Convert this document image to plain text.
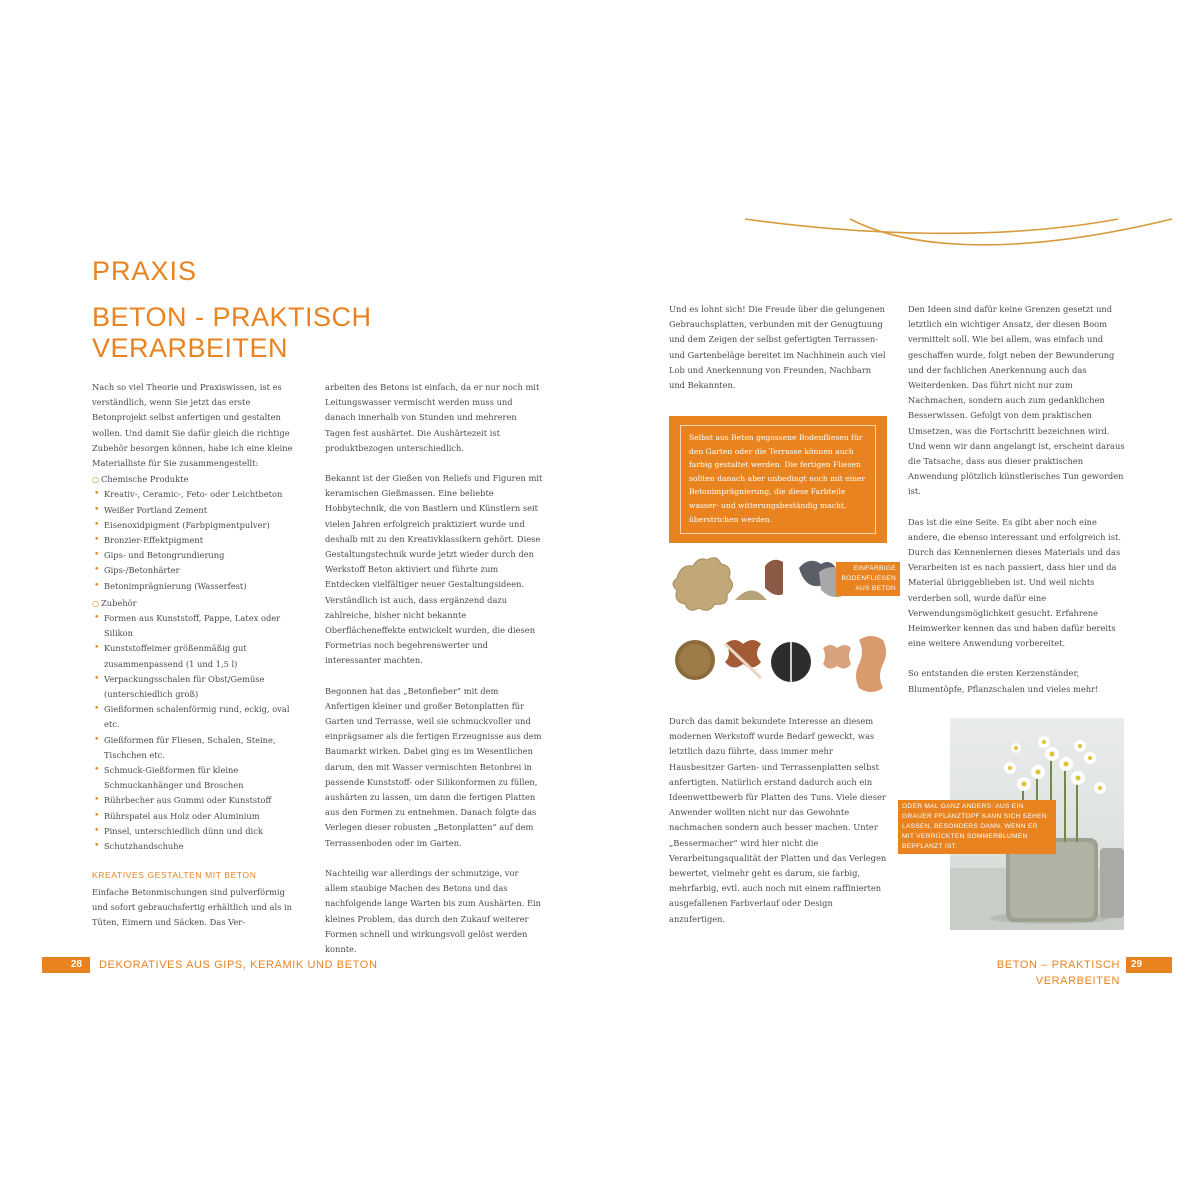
PRAXIS
BETON - PRAKTISCH
VERARBEITEN

Nach so viel Theorie und Praxiswissen, ist es verständlich, wenn Sie jetzt das erste Betonprojekt selbst anfertigen und gestalten wollen. Und damit Sie dafür gleich die richtige Zubehör besorgen können, habe ich eine kleine Materialliste für Sie zusammengestellt:

○ Chemische Produkte
• Kreativ-, Ceramic-, Feto- oder Leichtbeton
• Weißer Portland Zement
• Eisenoxidpigment (Farbpigmentpulver)
• Bronzier-Effektpigment
• Gips- und Betongrundierung
• Gips-/Betonhärter
• Betonimprägnierung (Wasserfest)
○ Zubehör
• Formen aus Kunststoff, Pappe, Latex oder Silikon
• Kunststoffeimer größenmäßig gut zusammenpassend (1 und 1,5 l)
• Verpackungsschalen für Obst/Gemüse (unterschiedlich groß)
• Gießformen schalenförmig rund, eckig, oval etc.
• Gießformen für Fliesen, Schalen, Steine, Tischchen etc.
• Schmuck-Gießformen für kleine Schmuckanhänger und Broschen
• Rührbecher aus Gummi oder Kunststoff
• Rührspatel aus Holz oder Aluminium
• Pinsel, unterschiedlich dünn und dick
• Schutzhandschuhe
KREATIVES GESTALTEN MIT BETON

Einfache Betonmischungen sind pulverförmig und sofort gebrauchsfertig erhältlich und als in Tüten, Eimern und Säcken. Das Ver-

arbeiten des Betons ist einfach, da er nur noch mit Leitungswasser vermischt werden muss und danach innerhalb von Stunden und mehreren Tagen fest aushärtet. Die Aushärtezeit ist produktbezogen unterschiedlich.

Bekannt ist der Gießen von Reliefs und Figuren mit keramischen Gießmassen. Eine beliebte Hobbytechnik, die von Bastlern und Künstlern seit vielen Jahren erfolgreich praktiziert wurde und deshalb mit zu den Kreativklassikern gehört. Diese Gestaltungstechnik wurde jetzt wieder durch den Werkstoff Beton aktiviert und führte zum Entdecken vielfältiger neuer Gestaltungsideen. Verständlich ist auch, dass ergänzend dazu zahlreiche, bisher nicht bekannte Oberflächeneffekte entwickelt wurden, die diesen Formetrias noch begehrenswerter und interessanter machten.

Begonnen hat das „Betonfieber“ mit dem Anfertigen kleiner und großer Betonplatten für Garten und Terrasse, weil sie schmuckvoller und einprägsamer als die fertigen Erzeugnisse aus dem Baumarkt wirken. Dabei ging es im Wesentlichen darum, den mit Wasser vermischten Betonbrei in passende Kunststoff- oder Silikonformen zu füllen, aushärten zu lassen, um dann die fertigen Platten aus den Formen zu entnehmen. Danach folgte das Verlegen dieser robusten „Betonplatten“ auf dem Terrassenboden oder im Garten.

Nachteilig war allerdings der schmutzige, vor allem staubige Machen des Betons und das nachfolgende lange Warten bis zum Aushärten. Ein kleines Problem, das durch den Zukauf weiterer Formen schnell und wirkungsvoll gelöst werden konnte.

28	DEKORATIVES AUS GIPS, KERAMIK UND BETON

Und es lohnt sich! Die Freude über die gelungenen Gebrauchsplatten, verbunden mit der Genugtuung und dem Zeigen der selbst gefertigten Terrassen- und Gartenbeläge bereitet im Nachhinein auch viel Lob und Anerkennung von Freunden, Nachbarn und Bekannten.

Selbst aus Beton gegossene Bodenfliesen für den Garten oder die Terrasse können auch farbig gestaltet werden. Die fertigen Fliesen sollten danach aber unbedingt noch mit einer Betonimprägnierung, die diese Farbteile wasser- und witterungsbeständig macht, überstrichen werden.
EINFARBIGE BODENFLIESEN AUS BETON

Durch das damit bekundete Interesse an diesem modernen Werkstoff wurde Bedarf geweckt, was letztlich dazu führte, dass immer mehr Hausbesitzer Garten- und Terrassenplatten selbst anfertigten. Natürlich erstand dadurch auch ein Ideenwettbewerb für Platten des Tuns. Viele dieser Anwender wollten nicht nur das Gewohnte nachmachen sondern auch besser machen. Unter „Bessermacher“ wird hier nicht die Verarbeitungsqualität der Platten und das Verlegen bewertet, vielmehr geht es darum, sie farbig, mehrfarbig, evtl. auch noch mit einem raffinierten ausgefallenen Farbverlauf oder Design anzufertigen.

Den Ideen sind dafür keine Grenzen gesetzt und letztlich ein wichtiger Ansatz, der diesen Boom vermittelt soll. Wie bei allem, was einfach und geschaffen wurde, folgt neben der Bewunderung und der fachlichen Anerkennung auch das Weiterdenken. Das führt nicht nur zum Nachmachen, sondern auch zum gedanklichen Besserwissen. Gefolgt von dem praktischen Umsetzen, was die Fortschritt bezeichnen wird. Und wenn wir dann angelangt ist, erscheint daraus die Tatsache, dass aus dieser praktischen Anwendung plötzlich künstlerisches Tun geworden ist.

Das ist die eine Seite. Es gibt aber noch eine andere, die ebenso interessant und erfolgreich ist. Durch das Kennenlernen dieses Materials und das Verarbeiten ist es nach passiert, dass hier und da Material übriggeblieben ist. Und weil nichts verderben soll, wurde dafür eine Verwendungsmöglichkeit gesucht. Erfahrene Heimwerker kennen das und haben dafür bereits eine weitere Anwendung vorbereitet.

So entstanden die ersten Kerzenständer, Blumentöpfe, Pflanzschalen und vieles mehr!

ODER MAL GANZ ANDERS: AUS EIN GRAUER PFLANZTOPF KANN SICH SEHEN LASSEN, BESONDERS DANN, WENN ER MIT VERRÜCKTEN SOMMERBLUMEN BEPFLANZT IST.
BETON – PRAKTISCH VERARBEITEN
29
